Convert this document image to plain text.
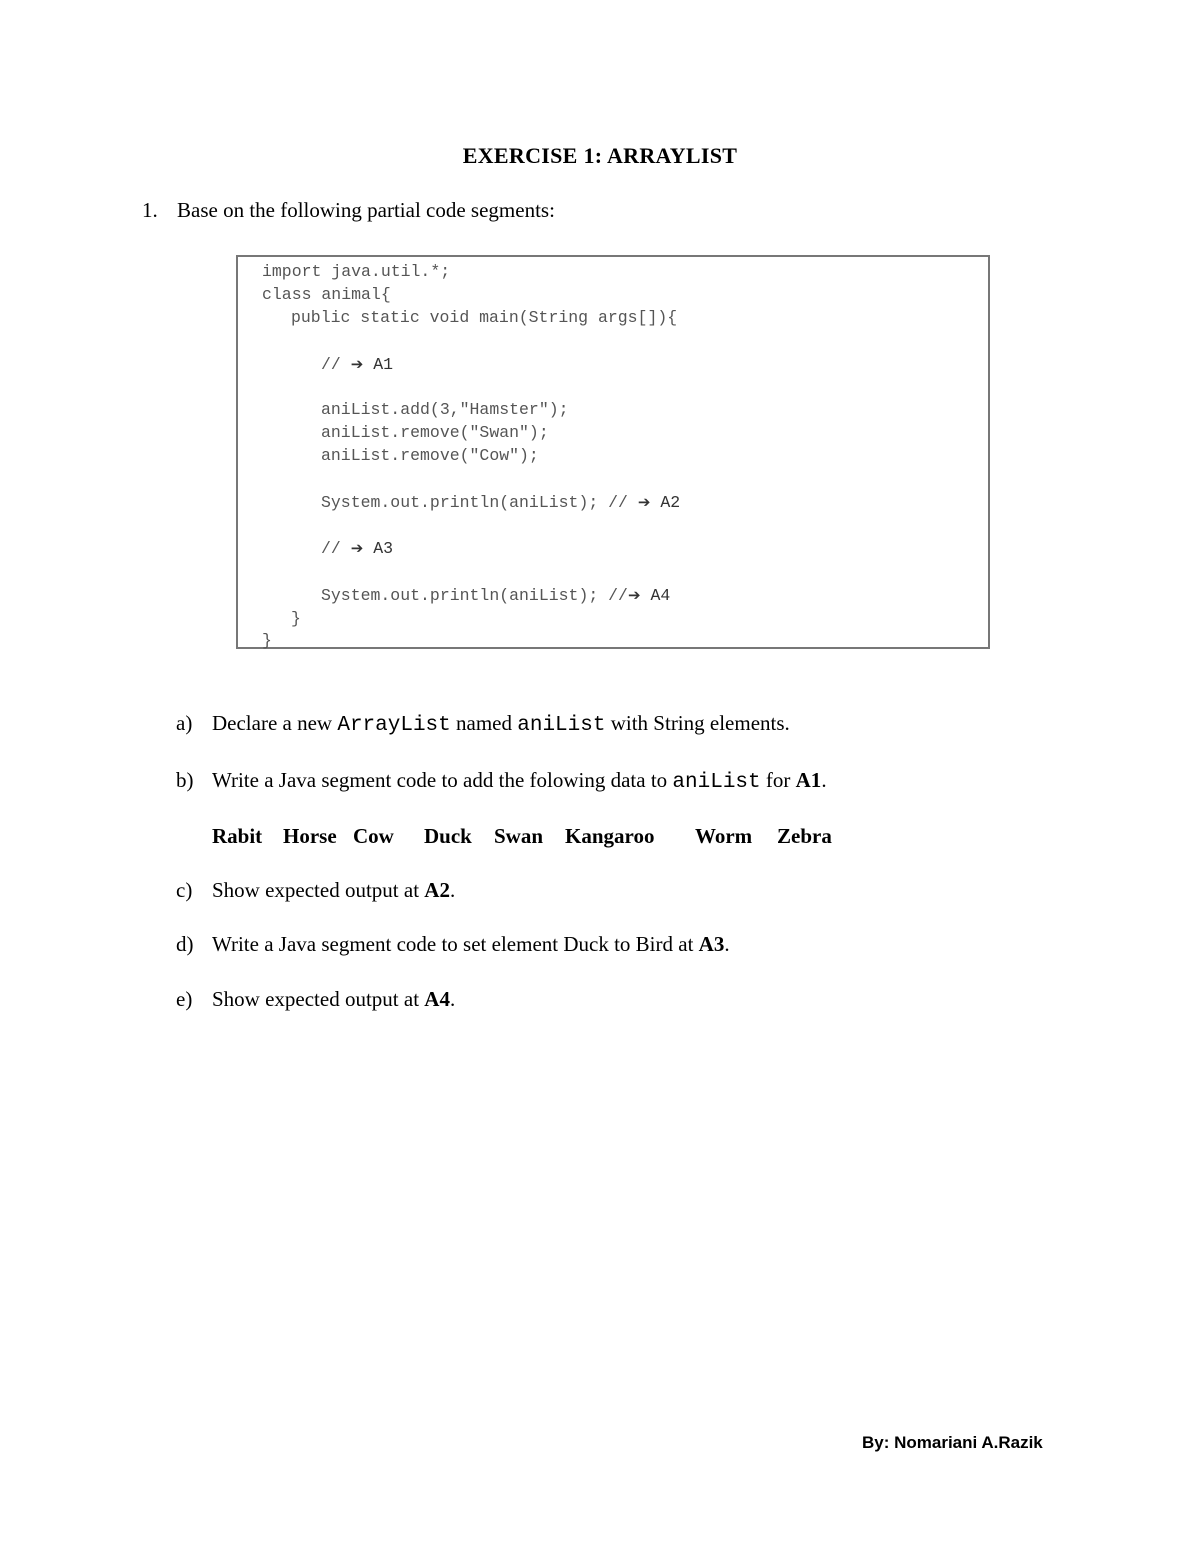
EXERCISE 1: ARRAYLIST
1. Base on the following partial code segments:
import java.util.*;
class animal{
public static void main(String args[]){
// ➔ A1
aniList.add(3,"Hamster");
aniList.remove("Swan");
aniList.remove("Cow");
System.out.println(aniList); // ➔ A2
// ➔ A3
System.out.println(aniList); //➔ A4
}
}
a) Declare a new ArrayList named aniList with String elements.
b) Write a Java segment code to add the folowing data to aniList for A1.
Rabit Horse Cow Duck Swan Kangaroo Worm Zebra
c) Show expected output at A2.
d) Write a Java segment code to set element Duck to Bird at A3.
e) Show expected output at A4.
By: Nomariani A.Razik
